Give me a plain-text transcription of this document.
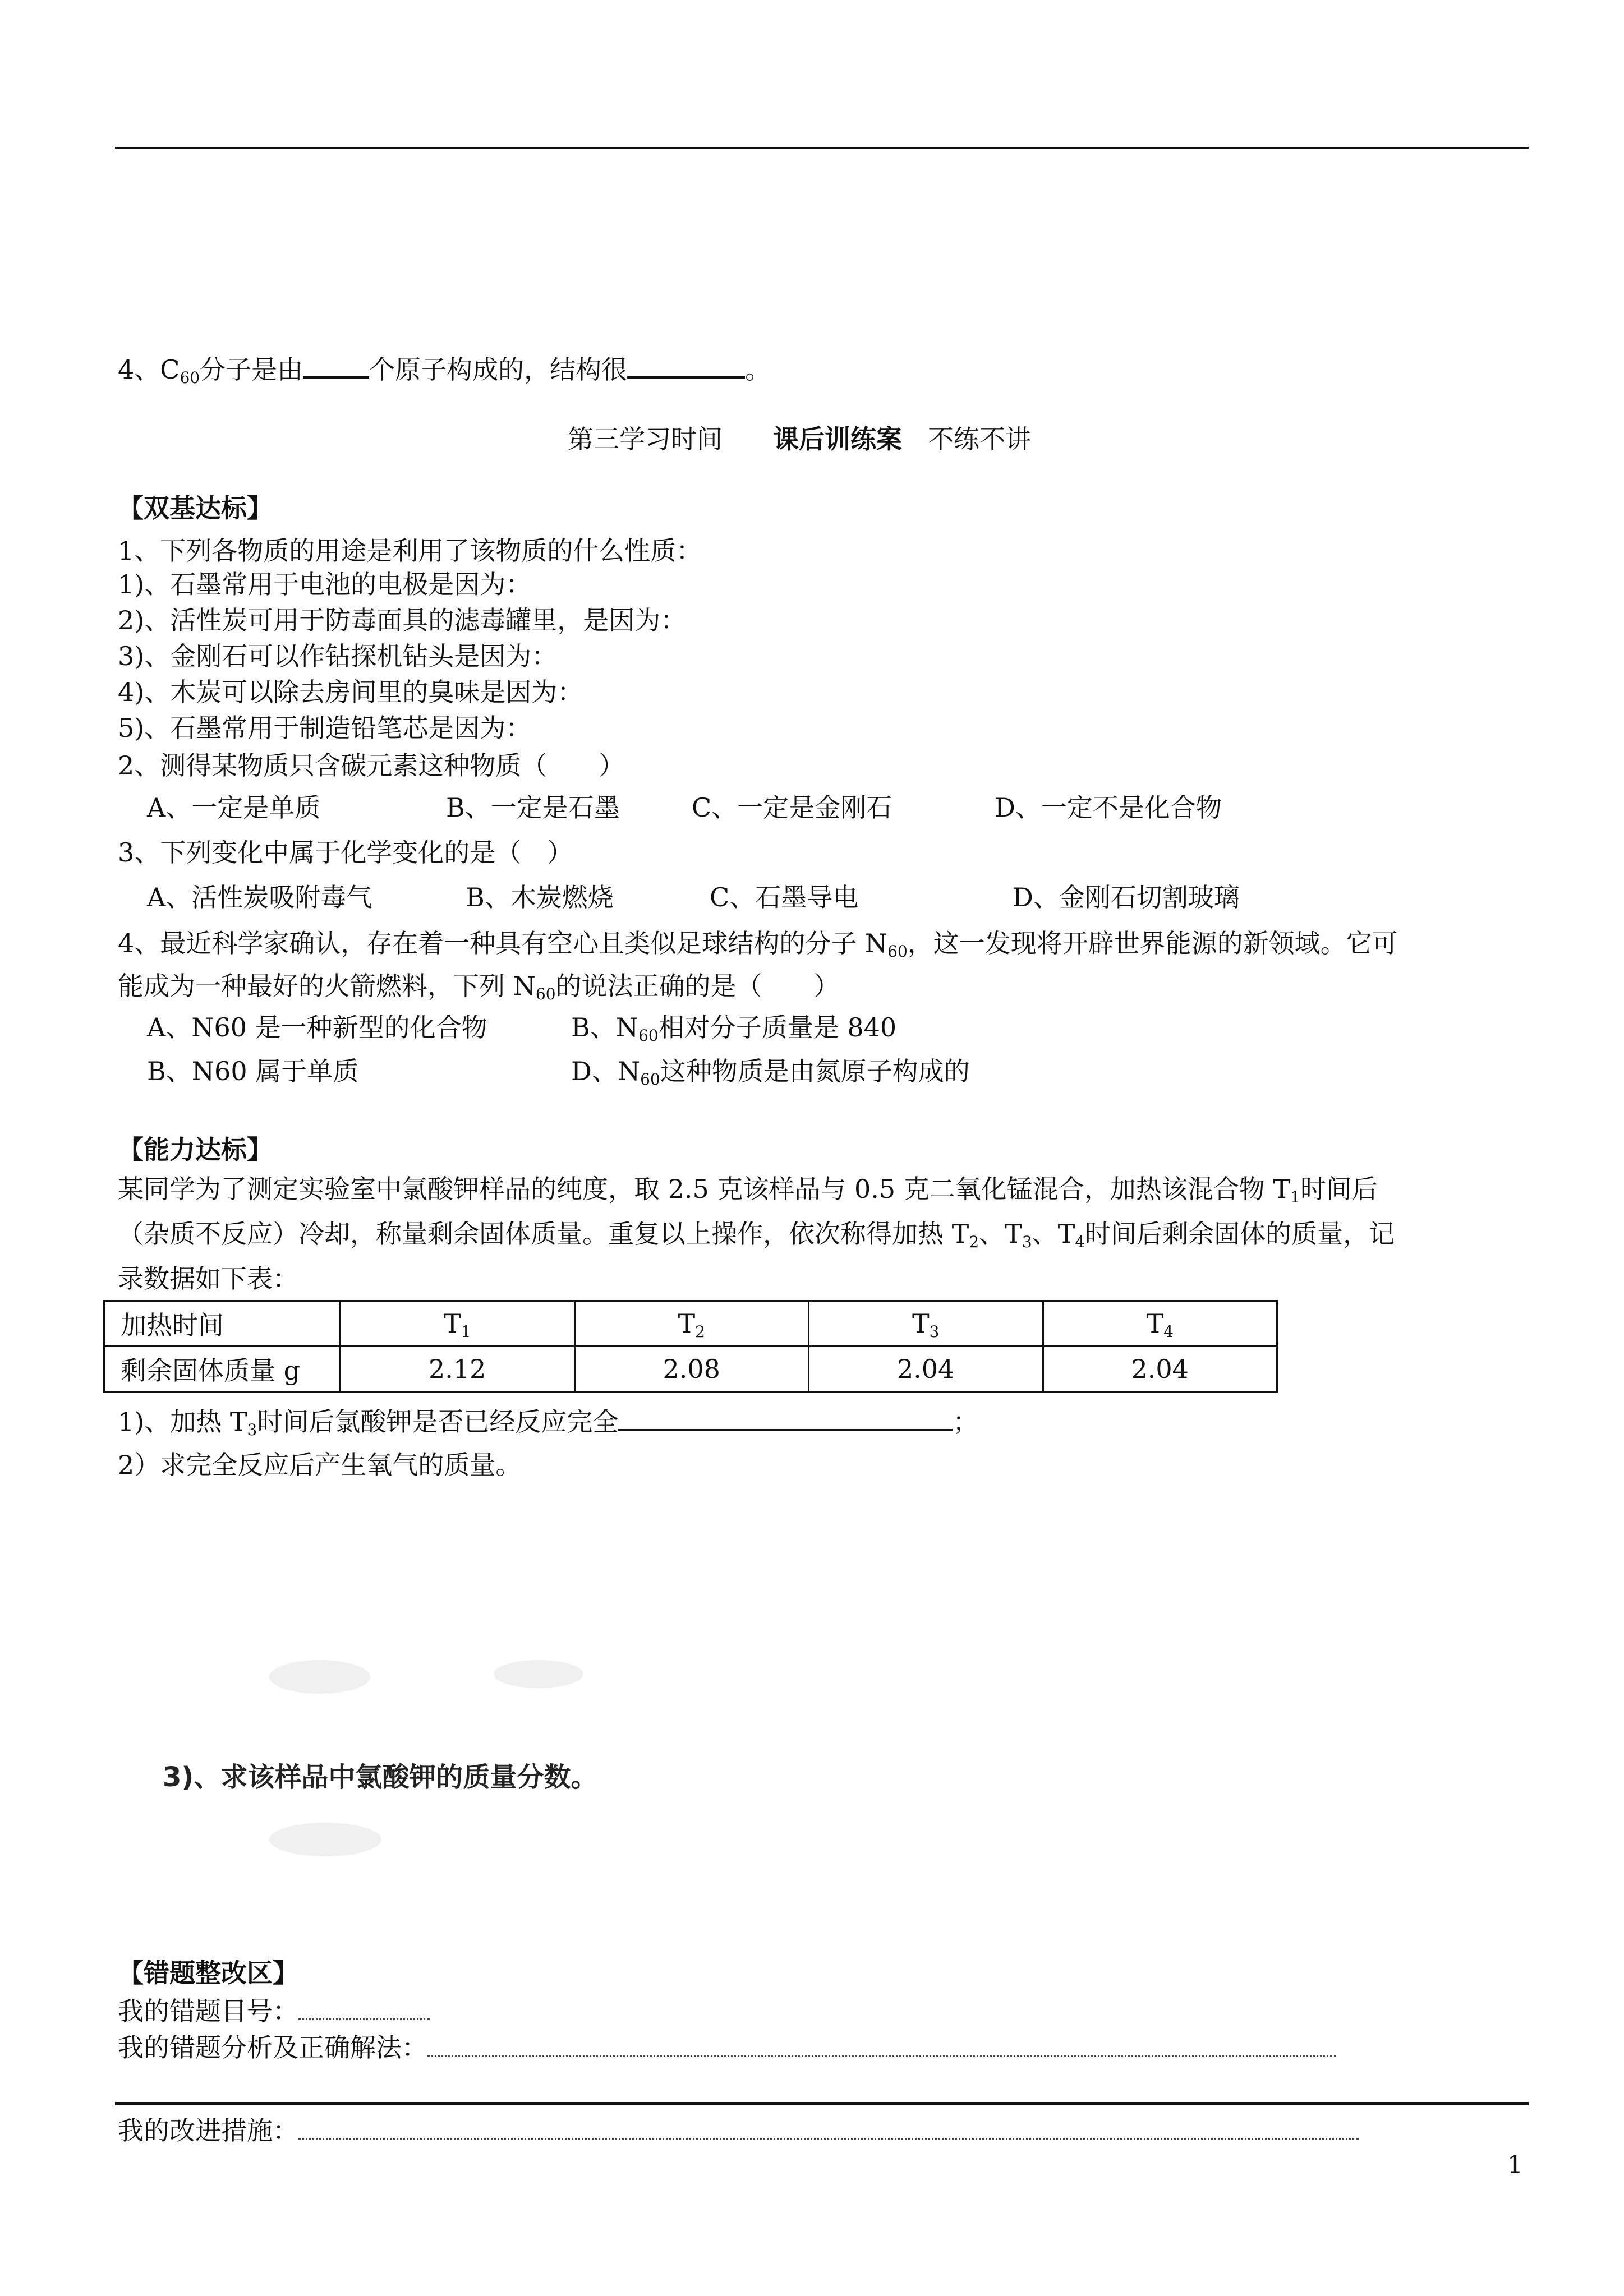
4、$C_{60}$分子是由	个原子构成的，结构很	。
第三学习时间 课后训练案 不练不讲
【双基达标】
1、下列各物质的用途是利用了该物质的什么性质：
1)、石墨常用于电池的电极是因为：
2)、活性炭可用于防毒面具的滤毒罐里，是因为：
3)、金刚石可以作钻探机钻头是因为：
4)、木炭可以除去房间里的臭味是因为：
5)、石墨常用于制造铅笔芯是因为：
2、测得某物质只含碳元素这种物质（　　）
A、一定是单质	B、一定是石墨	C、一定是金刚石	D、一定不是化合物
3、下列变化中属于化学变化的是（　）
A、活性炭吸附毒气	B、木炭燃烧	C、石墨导电	D、金刚石切割玻璃
4、最近科学家确认，存在着一种具有空心且类似足球结构的分子 $N_{60}$，这一发现将开辟世界能源的新领域。它可
能成为一种最好的火箭燃料，下列 $N_{60}$的说法正确的是（　　）
A、N60 是一种新型的化合物	B、$N_{60}$相对分子质量是 840
B、N60 属于单质	D、$N_{60}$这种物质是由氮原子构成的
【能力达标】
某同学为了测定实验室中氯酸钾样品的纯度，取 2.5 克该样品与 0.5 克二氧化锰混合，加热该混合物 $T_1$时间后
（杂质不反应）冷却，称量剩余固体质量。重复以上操作，依次称得加热 $T_2$、$T_3$、$T_4$时间后剩余固体的质量，记
录数据如下表：
加热时间	$T_1$	$T_2$	$T_3$	$T_4$
剩余固体质量 g	2.12	2.08	2.04	2.04
1)、加热 $T_3$时间后氯酸钾是否已经反应完全	；
2）求完全反应后产生氧气的质量。
3)、求该样品中氯酸钾的质量分数。
【错题整改区】
我的错题目号：
我的错题分析及正确解法：
我的改进措施：
1
